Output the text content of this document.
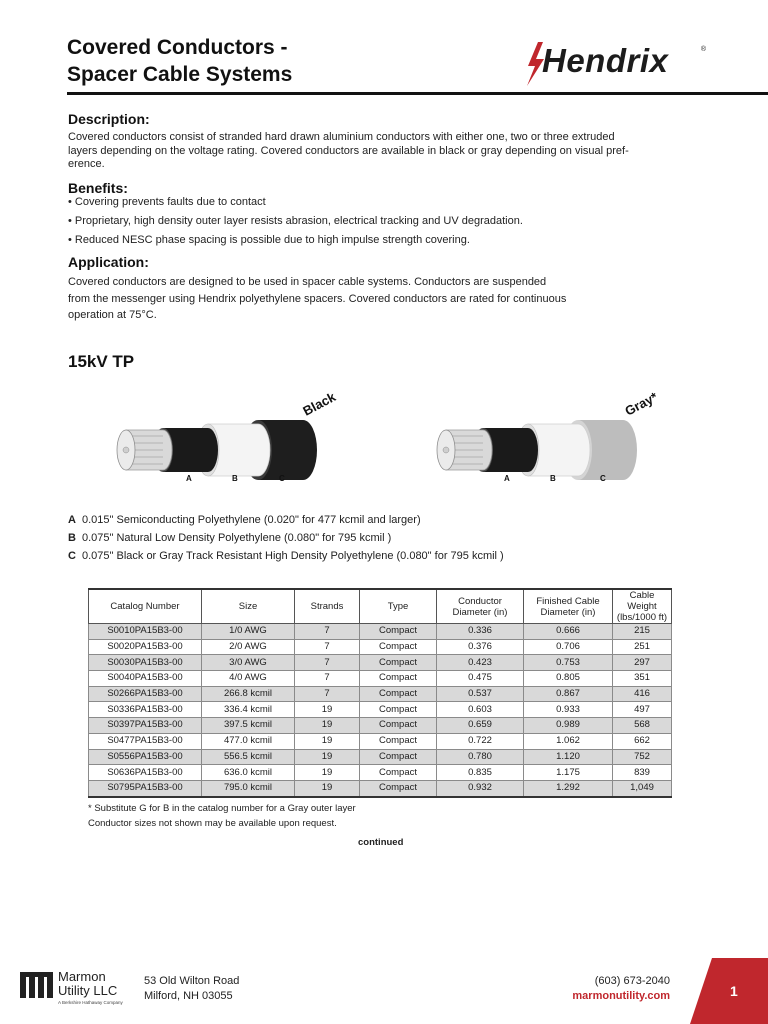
Covered Conductors -
Spacer Cable Systems	Hendrix	®
Description:
Covered conductors consist of stranded hard drawn aluminium conductors with either one, two or three extruded
layers depending on the voltage rating. Covered conductors are available in black or gray depending on visual pref-
erence.
Benefits:
• Covering prevents faults due to contact
• Proprietary, high density outer layer resists abrasion, electrical tracking and UV degradation.
• Reduced NESC phase spacing is possible due to high impulse strength covering.
Application:
Covered conductors are designed to be used in spacer cable systems. Conductors are suspended
from the messenger using Hendrix polyethylene spacers. Covered conductors are rated for continuous
operation at 75°C.
15kV TP
Black
A	B	C
Gray*
A	B	C
A 0.015" Semiconducting Polyethylene (0.020" for 477 kcmil and larger)
B 0.075" Natural Low Density Polyethylene (0.080" for 795 kcmil )
C 0.075" Black or Gray Track Resistant High Density Polyethylene (0.080" for 795 kcmil )
Catalog Number	Size	Strands	Type	Conductor Diameter (in)	Finished Cable Diameter (in)	Cable Weight (lbs/1000 ft)
S0010PA15B3-00	1/0 AWG	7	Compact	0.336	0.666	215
S0020PA15B3-00	2/0 AWG	7	Compact	0.376	0.706	251
S0030PA15B3-00	3/0 AWG	7	Compact	0.423	0.753	297
S0040PA15B3-00	4/0 AWG	7	Compact	0.475	0.805	351
S0266PA15B3-00	266.8 kcmil	7	Compact	0.537	0.867	416
S0336PA15B3-00	336.4 kcmil	19	Compact	0.603	0.933	497
S0397PA15B3-00	397.5 kcmil	19	Compact	0.659	0.989	568
S0477PA15B3-00	477.0 kcmil	19	Compact	0.722	1.062	662
S0556PA15B3-00	556.5 kcmil	19	Compact	0.780	1.120	752
S0636PA15B3-00	636.0 kcmil	19	Compact	0.835	1.175	839
S0795PA15B3-00	795.0 kcmil	19	Compact	0.932	1.292	1,049
* Substitute G for B in the catalog number for a Gray outer layer
Conductor sizes not shown may be available upon request.
continued
Marmon
Utility LLC
A Berkshire Hathaway Company
53 Old Wilton Road
Milford, NH 03055
(603) 673-2040
marmonutility.com	1
